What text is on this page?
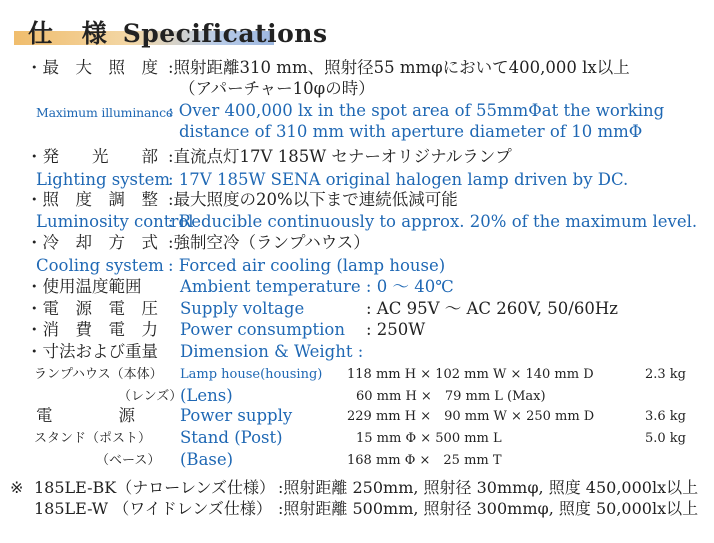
仕 様 Specifications
・最　大　照　度 :照射距離310 mm、照射径55 mmφにおいて400,000 lx以上
（アパーチャー10φの時）
Maximum illuminance
: Over 400,000 lx in the spot area of 55mmΦat the working
distance of 310 mm with aperture diameter of 10 mmΦ
・発　　光　　部 :直流点灯17V 185W セナーオリジナルランプ
Lighting system
: 17V 185W SENA original halogen lamp driven by DC.
・照　度　調　整 :最大照度の20%以下まで連続低減可能
Luminosity control
: Reducible continuously to approx. 20% of the maximum level.
・冷　却　方　式 :強制空冷（ランプハウス）
Cooling system : Forced air cooling (lamp house)
・使用温度範囲 Ambient temperature : 0 ～ 40℃
・電　源　電　圧 Supply voltage	: AC 95V ～ AC 260V, 50/60Hz
・消　費　電　力 Power consumption : 250W
・寸法および重量 Dimension & Weight :
ランプハウス（本体） Lamp house(housing) 118 mm H × 102 mm W × 140 mm D	2.3 kg
（レンズ）
(Lens)	60 mm H ×　79 mm L (Max)
電　　　　源	Power supply	229 mm H ×　90 mm W × 250 mm D	3.6 kg
スタンド（ポスト） Stand (Post)	15 mm Φ × 500 mm L	5.0 kg
（ベース） (Base)	168 mm Φ ×　25 mm T
※ 185LE-BK（ナローレンズ仕様） :照射距離 250mm, 照射径 30mmφ, 照度 450,000lx以上
185LE-W （ワイドレンズ仕様） :照射距離 500mm, 照射径 300mmφ, 照度 50,000lx以上
